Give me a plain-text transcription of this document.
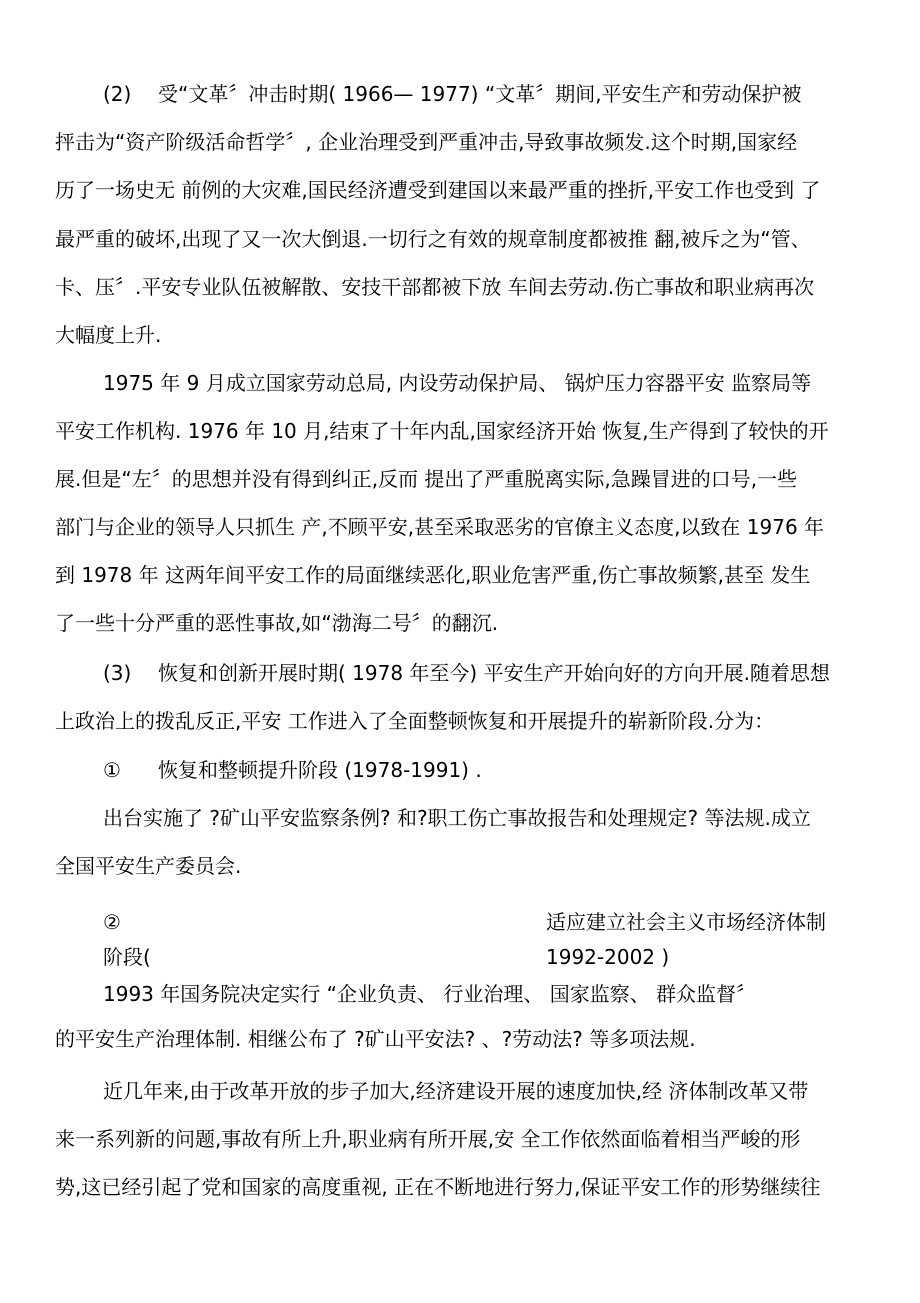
(2) 受“文革〞冲击时期( 1966— 1977) “文革〞期间,平安生产和劳动保护被
抨击为“资产阶级活命哲学〞, 企业治理受到严重冲击,导致事故频发.这个时期,国家经
历了一场史无 前例的大灾难,国民经济遭受到建国以来最严重的挫折,平安工作也受到 了
最严重的破坏,出现了又一次大倒退.一切行之有效的规章制度都被推 翻,被斥之为“管、
卡、压〞.平安专业队伍被解散、安技干部都被下放 车间去劳动.伤亡事故和职业病再次
大幅度上升.
1975 年 9 月成立国家劳动总局, 内设劳动保护局、 锅炉压力容器平安 监察局等
平安工作机构. 1976 年 10 月,结束了十年内乱,国家经济开始 恢复,生产得到了较快的开
展.但是“左〞的思想并没有得到纠正,反而 提出了严重脱离实际,急躁冒进的口号,一些
部门与企业的领导人只抓生 产,不顾平安,甚至采取恶劣的官僚主义态度,以致在 1976 年
到 1978 年 这两年间平安工作的局面继续恶化,职业危害严重,伤亡事故频繁,甚至 发生
了一些十分严重的恶性事故,如“渤海二号〞的翻沉.
(3) 恢复和创新开展时期( 1978 年至今) 平安生产开始向好的方向开展.随着思想
上政治上的拨乱反正,平安 工作进入了全面整顿恢复和开展提升的崭新阶段.分为：
① 恢复和整顿提升阶段 (1978-1991) .
出台实施了 ?矿山平安监察条例? 和?职工伤亡事故报告和处理规定? 等法规.成立
全国平安生产委员会.
②	适应建立社会主义市场经济体制
阶段(	1992-2002 )
1993 年国务院决定实行 “企业负责、 行业治理、 国家监察、 群众监督〞
的平安生产治理体制. 相继公布了 ?矿山平安法? 、?劳动法? 等多项法规.
近几年来,由于改革开放的步子加大,经济建设开展的速度加快,经 济体制改革又带
来一系列新的问题,事故有所上升,职业病有所开展,安 全工作依然面临着相当严峻的形
势,这已经引起了党和国家的高度重视, 正在不断地进行努力,保证平安工作的形势继续往
